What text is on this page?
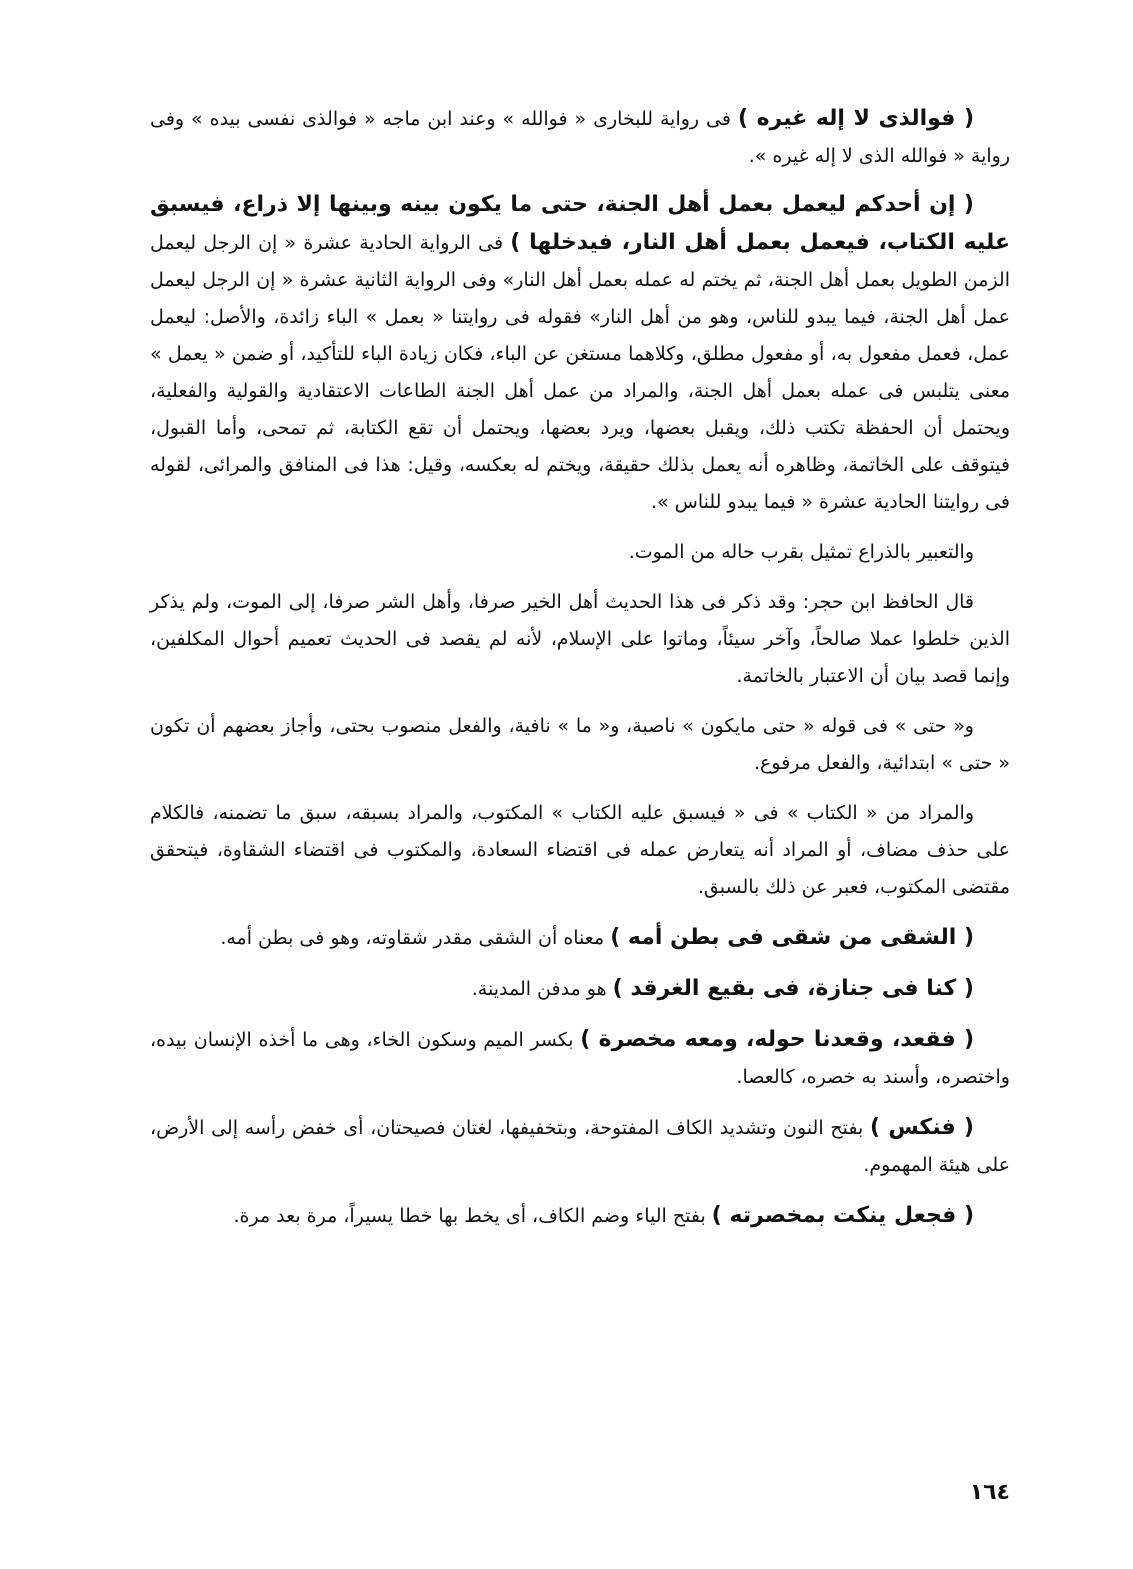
( فوالذى لا إله غيره ) فى رواية للبخارى « فوالله » وعند ابن ماجه « فوالذى نفسى بيده » وفى رواية « فوالله الذى لا إله غيره ».

( إن أحدكم ليعمل بعمل أهل الجنة، حتى ما يكون بينه وبينها إلا ذراع، فيسبق عليه الكتاب، فيعمل بعمل أهل النار، فيدخلها ) فى الرواية الحادية عشرة « إن الرجل ليعمل الزمن الطويل بعمل أهل الجنة، ثم يختم له عمله بعمل أهل النار» وفى الرواية الثانية عشرة « إن الرجل ليعمل عمل أهل الجنة، فيما يبدو للناس، وهو من أهل النار» فقوله فى روايتنا « بعمل » الباء زائدة، والأصل: ليعمل عمل، فعمل مفعول به، أو مفعول مطلق، وكلاهما مستغن عن الباء، فكان زيادة الباء للتأكيد، أو ضمن « يعمل » معنى يتلبس فى عمله بعمل أهل الجنة، والمراد من عمل أهل الجنة الطاعات الاعتقادية والقولية والفعلية، ويحتمل أن الحفظة تكتب ذلك، ويقبل بعضها، ويرد بعضها، ويحتمل أن تقع الكتابة، ثم تمحى، وأما القبول، فيتوقف على الخاتمة، وظاهره أنه يعمل بذلك حقيقة، ويختم له بعكسه، وقيل: هذا فى المنافق والمرائى، لقوله فى روايتنا الحادية عشرة « فيما يبدو للناس ».

والتعبير بالذراع تمثيل بقرب حاله من الموت.

قال الحافظ ابن حجر: وقد ذكر فى هذا الحديث أهل الخير صرفا، وأهل الشر صرفا، إلى الموت، ولم يذكر الذين خلطوا عملا صالحاً، وآخر سيئاً، وماتوا على الإسلام، لأنه لم يقصد فى الحديث تعميم أحوال المكلفين، وإنما قصد بيان أن الاعتبار بالخاتمة.

و« حتى » فى قوله « حتى مايكون » ناصبة، و« ما » نافية، والفعل منصوب بحتى، وأجاز بعضهم أن تكون « حتى » ابتدائية، والفعل مرفوع.

والمراد من « الكتاب » فى « فيسبق عليه الكتاب » المكتوب، والمراد بسبقه، سبق ما تضمنه، فالكلام على حذف مضاف، أو المراد أنه يتعارض عمله فى اقتضاء السعادة، والمكتوب فى اقتضاء الشقاوة، فيتحقق مقتضى المكتوب، فعبر عن ذلك بالسبق.

( الشقى من شقى فى بطن أمه ) معناه أن الشقى مقدر شقاوته، وهو فى بطن أمه.

( كنا فى جنازة، فى بقيع الغرقد ) هو مدفن المدينة.

( فقعد، وقعدنا حوله، ومعه مخصرة ) بكسر الميم وسكون الخاء، وهى ما أخذه الإنسان بيده، واختصره، وأسند به خصره، كالعصا.

( فنكس ) بفتح النون وتشديد الكاف المفتوحة، وبتخفيفها، لغتان فصيحتان، أى خفض رأسه إلى الأرض، على هيئة المهموم.

( فجعل ينكت بمخصرته ) بفتح الياء وضم الكاف، أى يخط بها خطا يسيراً، مرة بعد مرة.

١٦٤
